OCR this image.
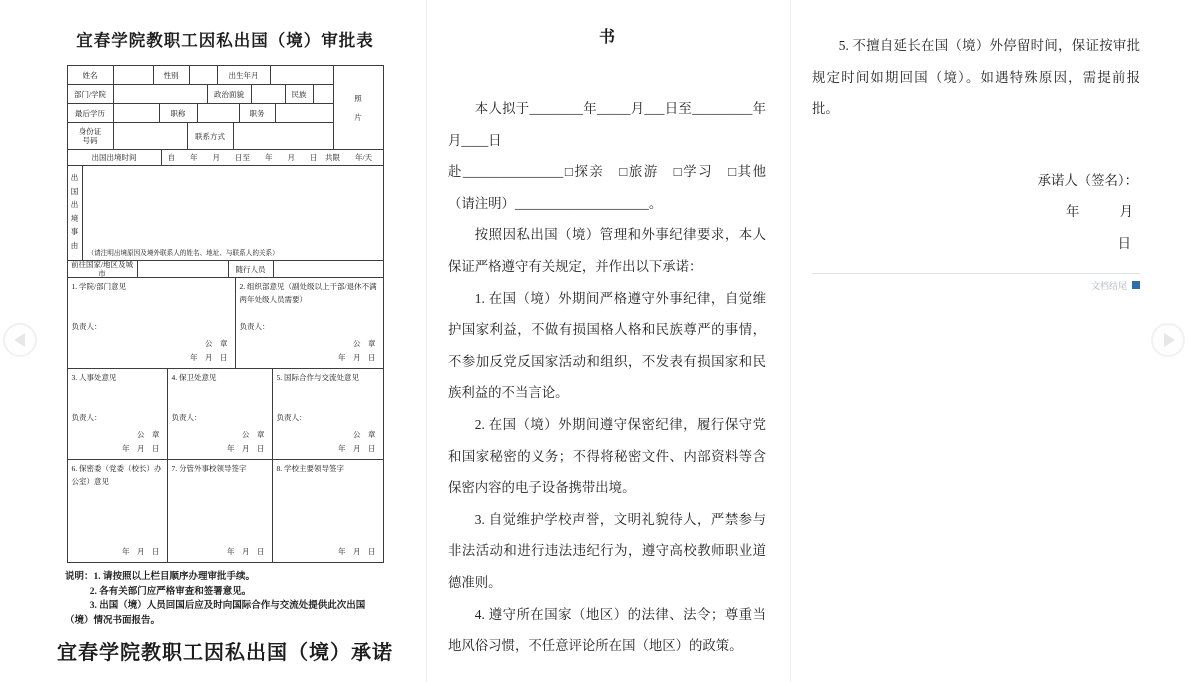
宜春学院教职工因私出国（境）审批表
姓名	性别	出生年月
部门/学院	政治面貌	民族
最后学历	职称	职务
身份证号码	联系方式
照片
出国出境时间	自　　年　　月　　日至　　年　　月　　日　共限　　年/天
出国出境事由
（请注明出境原因及境外联系人的姓名、地址、与联系人的关系）
前往国家/地区及城市	随行人员
1. 学院/部门意见
负责人：
公　章
年　月　日
2. 组织部意见（副处级以上干部/退休不满两年处级人员需要）
负责人：
公　章
年　月　日
3. 人事处意见
负责人：
公　章
年　月　日
4. 保卫处意见
负责人：
公　章
年　月　日
5. 国际合作与交流处意见
负责人：
公　章
年　月　日
6. 保密委（党委（校长）办公室）意见
年　月　日
7. 分管外事校领导签字
年　月　日
8. 学校主要领导签字
年　月　日
说明：1. 请按照以上栏目顺序办理审批手续。
2. 各有关部门应严格审查和签署意见。
3. 出国（境）人员回国后应及时向国际合作与交流处提供此次出国（境）情况书面报告。
宜春学院教职工因私出国（境）承诺
书

本人拟于________年_____月___日至_________年月____日

赴_______________□探亲　□旅游　□学习　□其他（请注明）____________________。

按照因私出国（境）管理和外事纪律要求，本人保证严格遵守有关规定，并作出以下承诺：

1. 在国（境）外期间严格遵守外事纪律，自觉维护国家利益，不做有损国格人格和民族尊严的事情，不参加反党反国家活动和组织，不发表有损国家和民族利益的不当言论。

2. 在国（境）外期间遵守保密纪律，履行保守党和国家秘密的义务；不得将秘密文件、内部资料等含保密内容的电子设备携带出境。

3. 自觉维护学校声誉，文明礼貌待人，严禁参与非法活动和进行违法违纪行为，遵守高校教师职业道德准则。

4. 遵守所在国家（地区）的法律、法令；尊重当地风俗习惯，不任意评论所在国（地区）的政策。

5. 不擅自延长在国（境）外停留时间，保证按审批规定时间如期回国（境）。如遇特殊原因，需提前报批。

承诺人（签名）：
年　　　月
日
文档结尾
